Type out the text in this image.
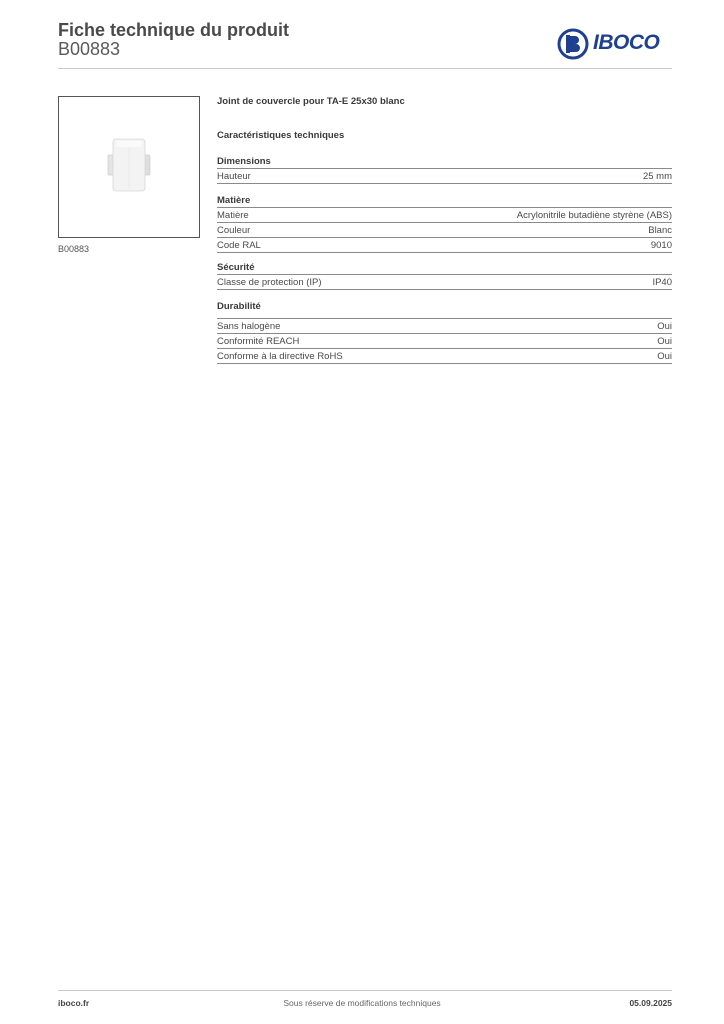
Fiche technique du produit
B00883	IBOCO
B00883
Joint de couvercle pour TA-E 25x30 blanc
Caractéristiques techniques
Dimensions
Hauteur	25 mm
Matière
Matière	Acrylonitrile butadiène styrène (ABS)
Couleur	Blanc
Code RAL	9010
Sécurité
Classe de protection (IP)	IP40
Durabilité
Sans halogène	Oui
Conformité REACH	Oui
Conforme à la directive RoHS	Oui
Sous réserve de modifications techniques
iboco.fr	05.09.2025
